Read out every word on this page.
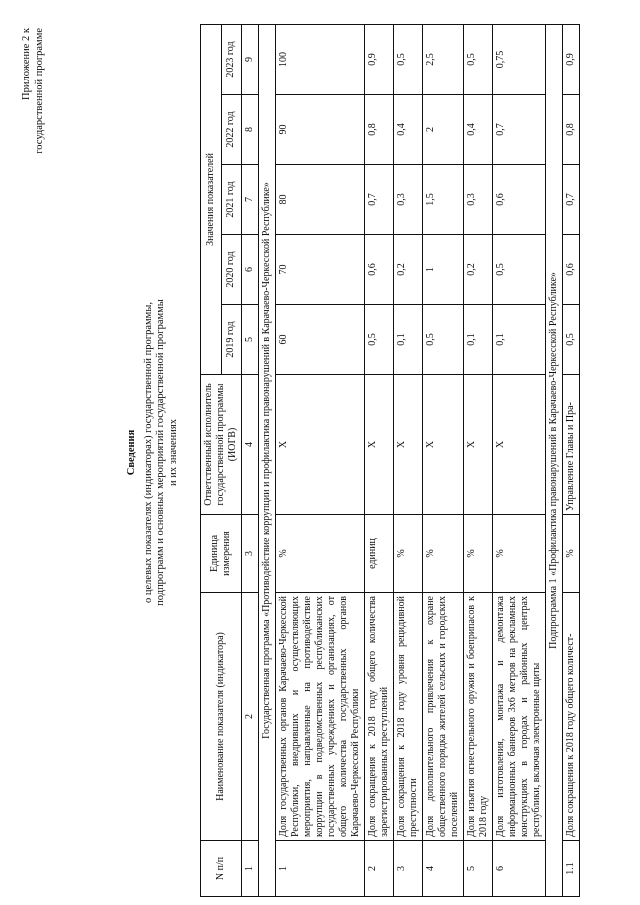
Приложение 2 к государственной программе
Сведения о целевых показателях (индикаторах) государственной программы, подпрограмм и основных мероприятий государственной программы и их значениях
N п/п	Наименование показателя (индикатора)	Единица измерения	Ответственный исполнитель государственной программы (ИОГВ)	Значения показателей				
				2019 год	2020 год	2021 год	2022 год	2023 год
1	2	3	4	5	6	7	8	9
Государственная программа «Противодействие коррупции и профилактика правонарушений в Карачаево-Черкесской Республике»								
1	Доля государственных органов Карачаево-Черкесской Республики, внедривших и осуществляющих мероприятия, направленные на противодействие коррупции в подведомственных республиканских государственных учреждениях и организациях, от общего количества государственных органов Карачаево-Черкесской Республики	%	X	60	70	80	90	100
2	Доля сокращения к 2018 году общего количества зарегистрированных преступлений	единиц	X	0,5	0,6	0,7	0,8	0,9
3	Доля сокращения к 2018 году уровня рецидивной преступности	%	X	0,1	0,2	0,3	0,4	0,5
4	Доля дополнительного привлечения к охране общественного порядка жителей сельских и городских поселений	%	X	0,5	1	1,5	2	2,5
5	Доля изъятия огнестрельного оружия и боеприпасов к 2018 году	%	X	0,1	0,2	0,3	0,4	0,5
6	Доля изготовления, монтажа и демонтажа информационных баннеров 3х6 метров на рекламных конструкциях в городах и районных центрах республики, включая электронные щиты	%	X	0,1	0,5	0,6	0,7	0,75
Подпрограмма 1 «Профилактика правонарушений в Карачаево-Черкесской Республике»								
1.1	Доля сокращения к 2018 году общего количест-	%	Управление Главы и Пра-	0,5	0,6	0,7	0,8	0,9
